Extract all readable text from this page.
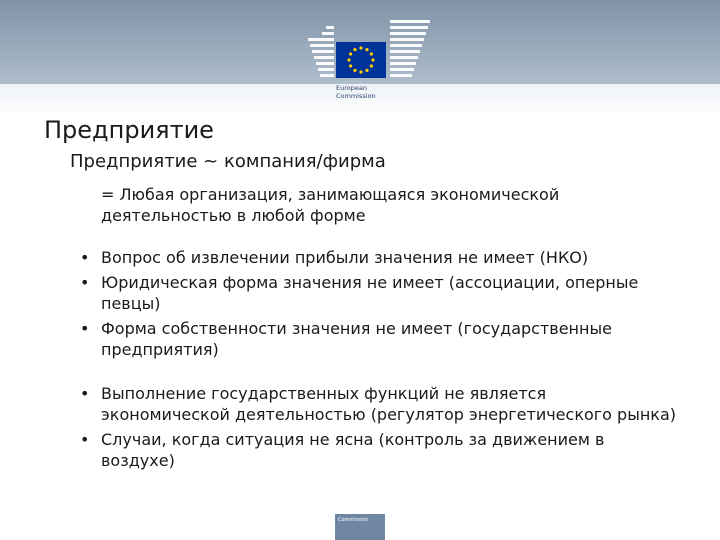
European
Commission
Предприятие

Предприятие ~ компания/фирма

= Любая организация, занимающаяся экономической деятельностью в любой форме

• Вопрос об извлечении прибыли значения не имеет (НКО)
• Юридическая форма значения не имеет (ассоциации, оперные певцы)
• Форма собственности значения не имеет (государственные предприятия)
• Выполнение государственных функций не является экономической деятельностью (регулятор энергетического рынка)
• Случаи, когда ситуация не ясна (контроль за движением в воздухе)
Commission
